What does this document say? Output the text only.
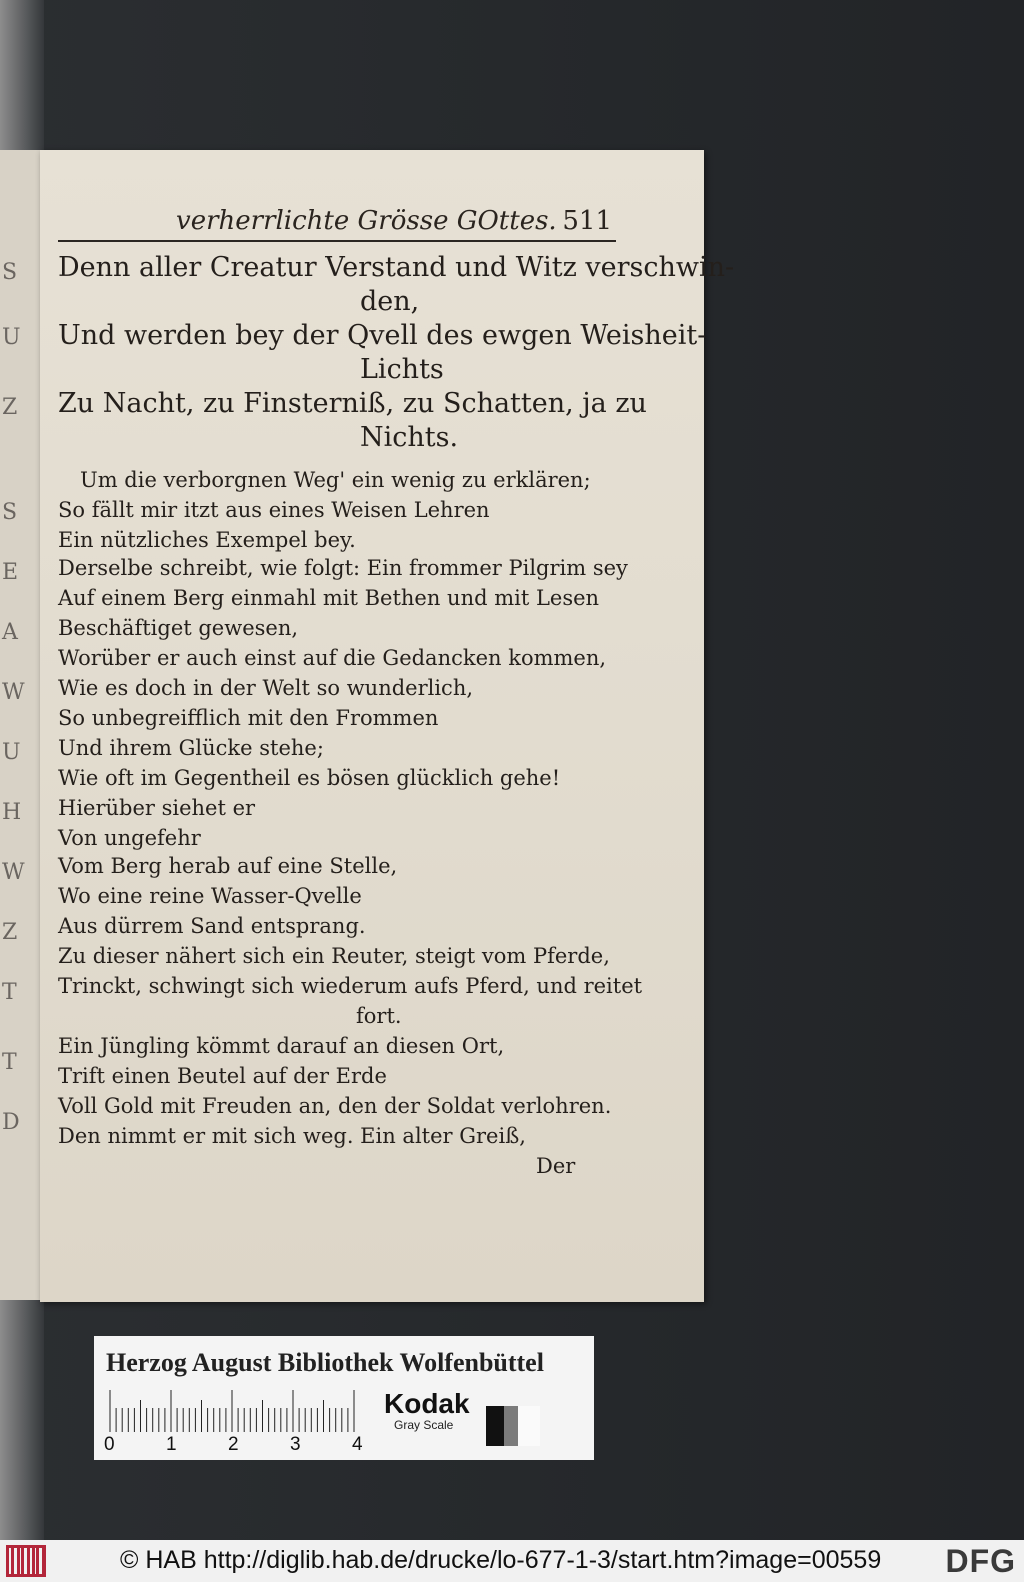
S
U
Z
S
E
A
W
U
H
W
Z
T
T
D
verherrlichte Grösse GOttes. 511
Denn aller Creatur Verstand und Witz verschwin-
den,
Und werden bey der Qvell des ewgen Weisheit-
Lichts
Zu Nacht, zu Finsterniß, zu Schatten, ja zu
Nichts.
Um die verborgnen Weg' ein wenig zu erklären;
So fällt mir itzt aus eines Weisen Lehren
Ein nützliches Exempel bey.
Derselbe schreibt, wie folgt: Ein frommer Pilgrim sey
Auf einem Berg einmahl mit Bethen und mit Lesen
Beschäftiget gewesen,
Worüber er auch einst auf die Gedancken kommen,
Wie es doch in der Welt so wunderlich,
So unbegreifflich mit den Frommen
Und ihrem Glücke stehe;
Wie oft im Gegentheil es bösen glücklich gehe!
Hierüber siehet er
Von ungefehr
Vom Berg herab auf eine Stelle,
Wo eine reine Wasser-Qvelle
Aus dürrem Sand entsprang.
Zu dieser nähert sich ein Reuter, steigt vom Pferde,
Trinckt, schwingt sich wiederum aufs Pferd, und reitet
fort.
Ein Jüngling kömmt darauf an diesen Ort,
Trift einen Beutel auf der Erde
Voll Gold mit Freuden an, den der Soldat verlohren.
Den nimmt er mit sich weg. Ein alter Greiß,
Der
Herzog August Bibliothek Wolfenbüttel
0	1	2	3	4
Kodak
Gray Scale
© HAB http://diglib.hab.de/drucke/lo-677-1-3/start.htm?image=00559 DFG
